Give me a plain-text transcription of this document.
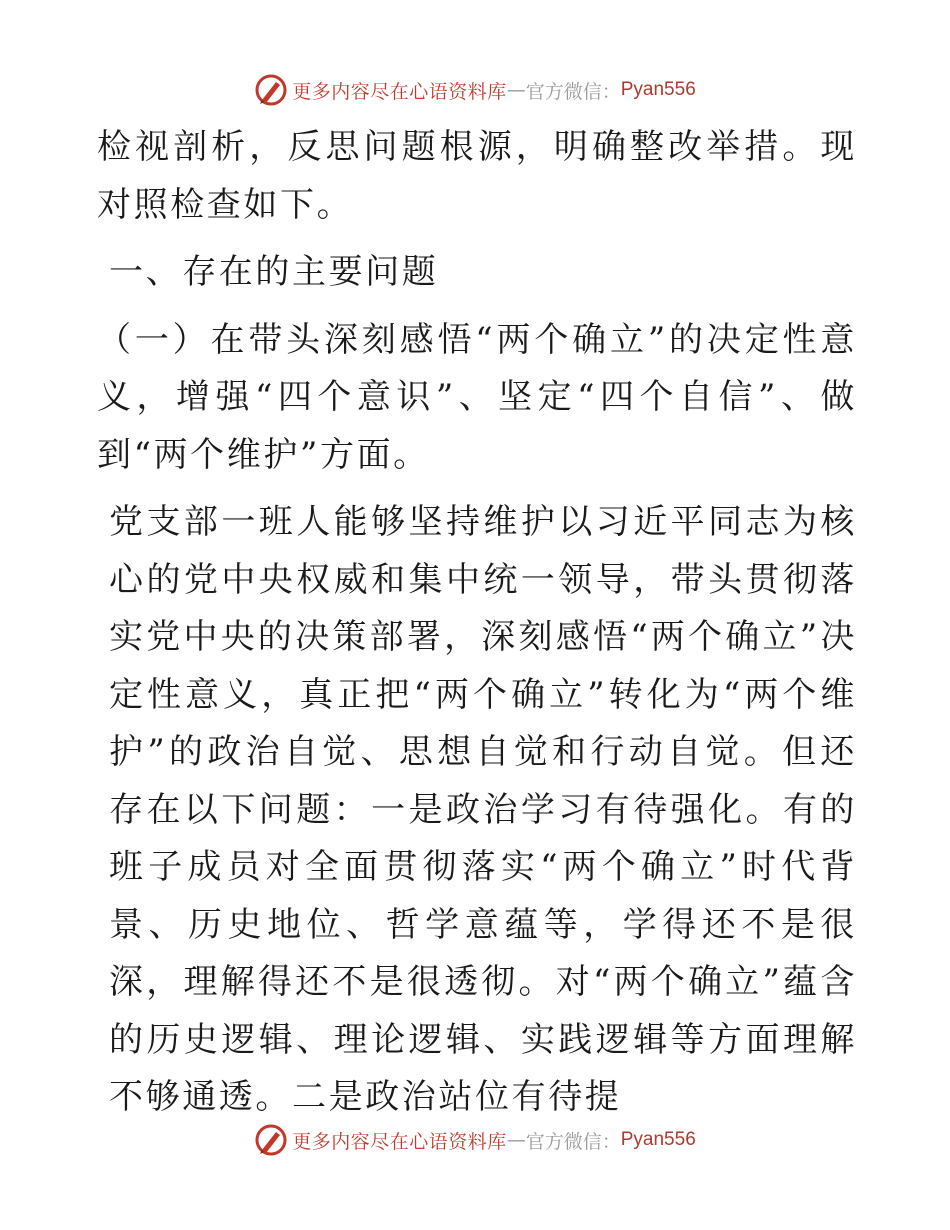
更多内容尽在心语资料库 — 官方微信： Pyan556

检视剖析，反思问题根源，明确整改举措。现对照检查如下。

一、存在的主要问题

（一）在带头深刻感悟“两个确立”的决定性意义，增强“四个意识”、坚定“四个自信”、做到“两个维护”方面。

党支部一班人能够坚持维护以习近平同志为核心的党中央权威和集中统一领导，带头贯彻落实党中央的决策部署，深刻感悟“两个确立”决定性意义，真正把“两个确立”转化为“两个维护”的政治自觉、思想自觉和行动自觉。但还存在以下问题：一是政治学习有待强化。有的班子成员对全面贯彻落实“两个确立”时代背景、历史地位、哲学意蕴等，学得还不是很深，理解得还不是很透彻。对“两个确立”蕴含的历史逻辑、理论逻辑、实践逻辑等方面理解不够通透。二是政治站位有待提

更多内容尽在心语资料库 — 官方微信： Pyan556
